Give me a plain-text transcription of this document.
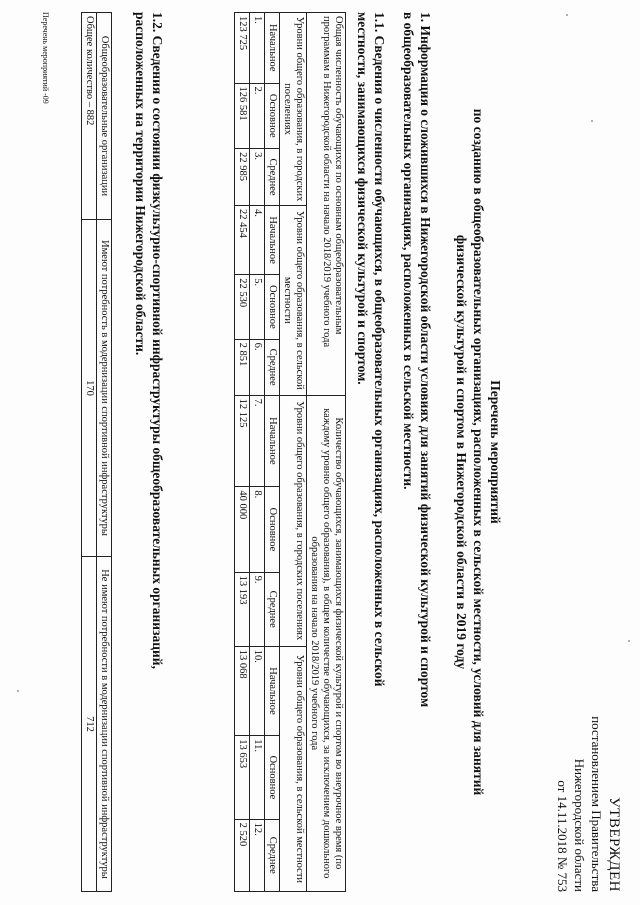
УТВЕРЖДЕН
постановлением Правительства
Нижегородской области
от 14.11.2018 № 753
Перечень мероприятий
по созданию в общеобразовательных организациях, расположенных в сельской местности, условий для занятий
физической культурой и спортом в Нижегородской области в 2019 году
1. Информация о сложившихся в Нижегородской области условиях для занятий физической культурой и спортом
в общеобразовательных организациях, расположенных в сельской местности.
1.1. Сведения о численности обучающихся, в общеобразовательных организациях, расположенных в сельской
местности, занимающихся физической культурой и спортом.
Общая численность обучающихся по основным общеобразовательным программам в Нижегородской области на начало 2018/2019 учебного года						Количество обучающихся, занимающихся физической культурой и спортом во внеурочное время (по каждому уровню общего образования), в общем количестве обучающихся, за исключением дошкольного образования на начало 2018/2019 учебного года					
Уровни общего образования, в городских поселениях			Уровни общего образования, в сельской местности			Уровни общего образования, в городских поселениях			Уровни общего образования, в сельской местности		
Начальное	Основное	Среднее	Начальное	Основное	Среднее	Начальное	Основное	Среднее	Начальное	Основное	Среднее
1.	2.	3.	4.	5.	6.	7.	8.	9.	10.	11.	12.
123 725	126 581	22 985	22 454	22 530	2 851	12 125	40 000	13 193	13 068	13 653	2 520
1.2. Сведения о состоянии физкультурно-спортивной инфраструктуры общеобразовательных организаций,
расположенных на территории Нижегородской области.
Общеобразовательные организации	Имеют потребность в модернизации спортивной инфраструктуры	Не имеют потребности в модернизации спортивной инфраструктуры
Общее количество – 882	170	712
Перечень мероприятий -09
